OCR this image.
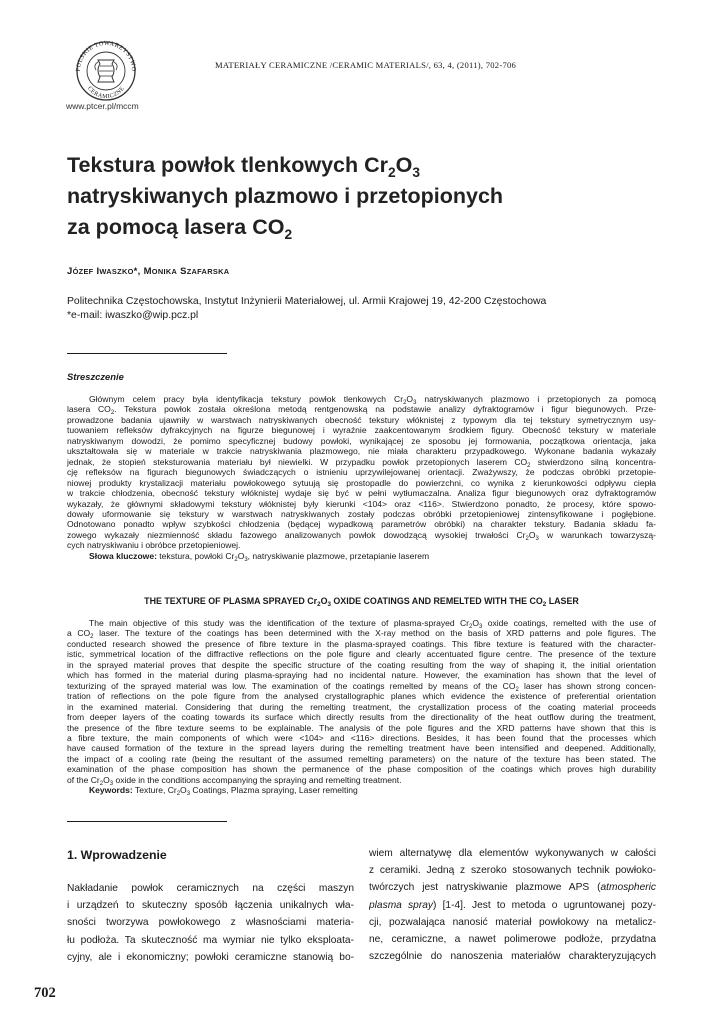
POLSKIE TOWARZYSTWO
CERAMICZNE
MATERIAŁY CERAMICZNE /CERAMIC MATERIALS/, 63, 4, (2011), 702-706
www.ptcer.pl/mccm
Tekstura powłok tlenkowych $Cr_2O_3$
natryskiwanych plazmowo i przetopionych
za pomocą lasera $CO_2$
JÓZEF IWASZKO*, MONIKA SZAFARSKA
Politechnika Częstochowska, Instytut Inżynierii Materiałowej, ul. Armii Krajowej 19, 42-200 Częstochowa
*e-mail: iwaszko@wip.pcz.pl
Streszczenie
Głównym celem pracy była identyfikacja tekstury powłok tlenkowych $Cr_2O_3$ natryskiwanych plazmowo i przetopionych za pomocą
lasera $CO_2$. Tekstura powłok została określona metodą rentgenowską na podstawie analizy dyfraktogramów i figur biegunowych. Prze-
prowadzone badania ujawniły w warstwach natryskiwanych obecność tekstury włóknistej z typowym dla tej tekstury symetrycznym usy-
tuowaniem refleksów dyfrakcyjnych na figurze biegunowej i wyraźnie zaakcentowanym środkiem figury. Obecność tekstury w materiale
natryskiwanym dowodzi, że pomimo specyficznej budowy powłoki, wynikającej ze sposobu jej formowania, początkowa orientacja, jaka
ukształtowała się w materiale w trakcie natryskiwania plazmowego, nie miała charakteru przypadkowego. Wykonane badania wykazały
jednak, że stopień steksturowania materiału był niewielki. W przypadku powłok przetopionych laserem $CO_2$ stwierdzono silną koncentra-
cję refleksów na figurach biegunowych świadczących o istnieniu uprzywilejowanej orientacji. Zważywszy, że podczas obróbki przetopie-
niowej produkty krystalizacji materiału powłokowego sytuują się prostopadle do powierzchni, co wynika z kierunkowości odpływu ciepła
w trakcie chłodzenia, obecność tekstury włóknistej wydaje się być w pełni wytłumaczalna. Analiza figur biegunowych oraz dyfraktogramów
wykazały, że głównymi składowymi tekstury włóknistej były kierunki <104> oraz <116>. Stwierdzono ponadto, że procesy, które spowo-
dowały uformowanie się tekstury w warstwach natryskiwanych zostały podczas obróbki przetopieniowej zintensyfikowane i pogłębione.
Odnotowano ponadto wpływ szybkości chłodzenia (będącej wypadkową parametrów obróbki) na charakter tekstury. Badania składu fa-
zowego wykazały niezmienność składu fazowego analizowanych powłok dowodzącą wysokiej trwałości $Cr_2O_3$ w warunkach towarzyszą-
cych natryskiwaniu i obróbce przetopieniowej.
Słowa kluczowe: tekstura, powłoki $Cr_2O_3$, natryskiwanie plazmowe, przetapianie laserem
THE TEXTURE OF PLASMA SPRAYED $Cr_2O_3$ OXIDE COATINGS AND REMELTED WITH THE $CO_2$ LASER
The main objective of this study was the identification of the texture of plasma-sprayed $Cr_2O_3$ oxide coatings, remelted with the use of
a $CO_2$ laser. The texture of the coatings has been determined with the X-ray method on the basis of XRD patterns and pole figures. The
conducted research showed the presence of fibre texture in the plasma-sprayed coatings. This fibre texture is featured with the character-
istic, symmetrical location of the diffractive reflections on the pole figure and clearly accentuated figure centre. The presence of the texture
in the sprayed material proves that despite the specific structure of the coating resulting from the way of shaping it, the initial orientation
which has formed in the material during plasma-spraying had no incidental nature. However, the examination has shown that the level of
texturizing of the sprayed material was low. The examination of the coatings remelted by means of the $CO_2$ laser has shown strong concen-
tration of reflections on the pole figure from the analysed crystallographic planes which evidence the existence of preferential orientation
in the examined material. Considering that during the remelting treatment, the crystallization process of the coating material proceeds
from deeper layers of the coating towards its surface which directly results from the directionality of the heat outflow during the treatment,
the presence of the fibre texture seems to be explainable. The analysis of the pole figures and the XRD patterns have shown that this is
a fibre texture, the main components of which were <104> and <116> directions. Besides, it has been found that the processes which
have caused formation of the texture in the spread layers during the remelting treatment have been intensified and deepened. Additionally,
the impact of a cooling rate (being the resultant of the assumed remelting parameters) on the nature of the texture has been stated. The
examination of the phase composition has shown the permanence of the phase composition of the coatings which proves high durability
of the $Cr_2O_3$ oxide in the conditions accompanying the spraying and remelting treatment.
Keywords: Texture, $Cr_2O_3$ Coatings, Plazma spraying, Laser remelting
1. Wprowadzenie
Nakładanie powłok ceramicznych na części maszyn
i urządzeń to skuteczny sposób łączenia unikalnych wła-
sności tworzywa powłokowego z własnościami materia-
łu podłoża. Ta skuteczność ma wymiar nie tylko eksploata-
cyjny, ale i ekonomiczny; powłoki ceramiczne stanowią bo-
wiem alternatywę dla elementów wykonywanych w całości
z ceramiki. Jedną z szeroko stosowanych technik powłoko-
twórczych jest natryskiwanie plazmowe APS (atmospheric
plasma spray) [1-4]. Jest to metoda o ugruntowanej pozy-
cji, pozwalająca nanosić materiał powłokowy na metalicz-
ne, ceramiczne, a nawet polimerowe podłoże, przydatna
szczególnie do nanoszenia materiałów charakteryzujących
702
